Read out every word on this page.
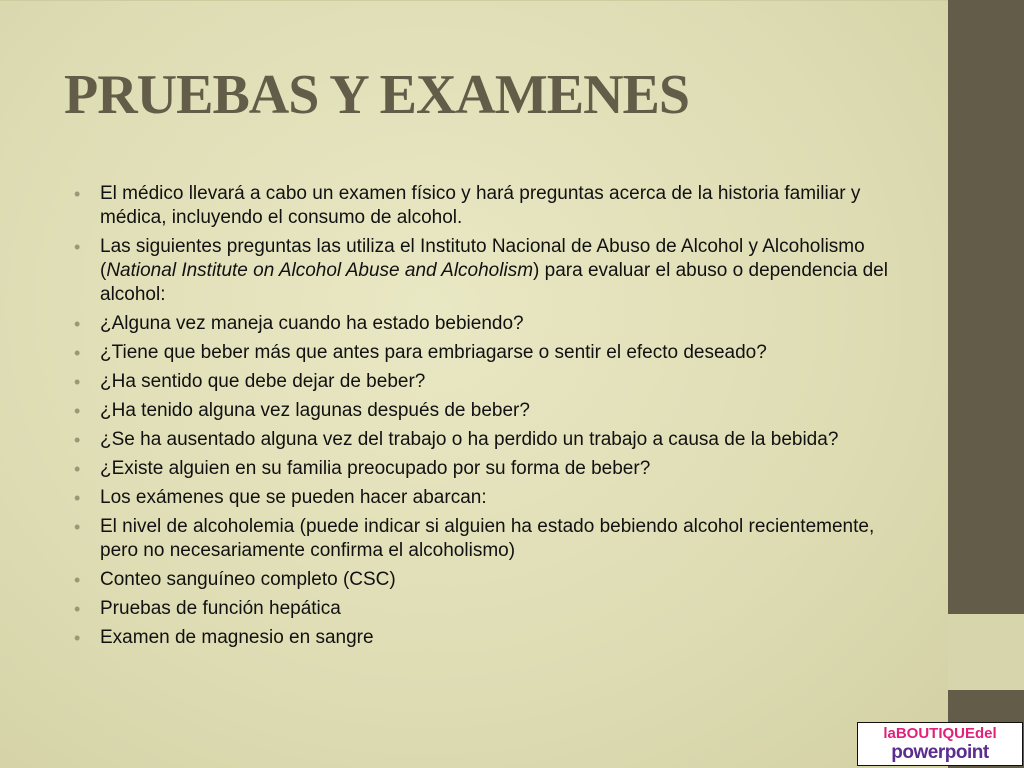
PRUEBAS Y EXAMENES
• El médico llevará a cabo un examen físico y hará preguntas acerca de la historia familiar y médica, incluyendo el consumo de alcohol.
• Las siguientes preguntas las utiliza el Instituto Nacional de Abuso de Alcohol y Alcoholismo (National Institute on Alcohol Abuse and Alcoholism) para evaluar el abuso o dependencia del alcohol:
• ¿Alguna vez maneja cuando ha estado bebiendo?
• ¿Tiene que beber más que antes para embriagarse o sentir el efecto deseado?
• ¿Ha sentido que debe dejar de beber?
• ¿Ha tenido alguna vez lagunas después de beber?
• ¿Se ha ausentado alguna vez del trabajo o ha perdido un trabajo a causa de la bebida?
• ¿Existe alguien en su familia preocupado por su forma de beber?
• Los exámenes que se pueden hacer abarcan:
• El nivel de alcoholemia (puede indicar si alguien ha estado bebiendo alcohol recientemente, pero no necesariamente confirma el alcoholismo)
• Conteo sanguíneo completo (CSC)
• Pruebas de función hepática
• Examen de magnesio en sangre
laBOUTIQUEdel
powerpoint
